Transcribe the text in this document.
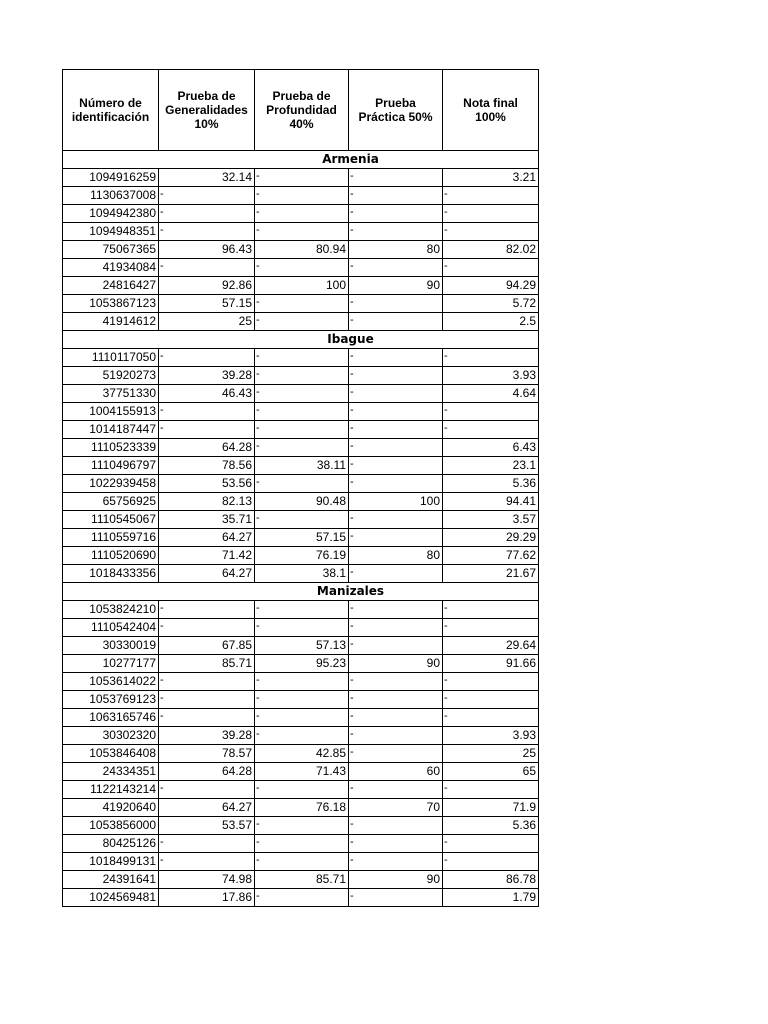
Número de
identificación	Prueba de
Generalidades
10%	Prueba de
Profundidad
40%	Prueba
Práctica 50%	Nota final
100%
Armenia				
1094916259	32.14	-	-	3.21
1130637008	-	-	-	-

1094942380	-	-	-	-

1094948351	-	-	-	-

75067365	96.43	80.94	80	82.02
41934084	-	-	-	-

24816427	92.86	100	90	94.29
1053867123	57.15	-	-	5.72
41914612	25	-	-	2.5
Ibague				
1110117050	-	-	-	-

51920273	39.28	-	-	3.93
37751330	46.43	-	-	4.64
1004155913	-	-	-	-

1014187447	-	-	-	-

1110523339	64.28	-	-	6.43
1110496797	78.56	38.11	-	23.1
1022939458	53.56	-	-	5.36
65756925	82.13	90.48	100	94.41
1110545067	35.71	-	-	3.57
1110559716	64.27	57.15	-	29.29
1110520690	71.42	76.19	80	77.62
1018433356	64.27	38.1	-	21.67
Manizales				
1053824210	-	-	-	-

1110542404	-	-	-	-

30330019	67.85	57.13	-	29.64
10277177	85.71	95.23	90	91.66
1053614022	-	-	-	-

1053769123	-	-	-	-

1063165746	-	-	-	-

30302320	39.28	-	-	3.93
1053846408	78.57	42.85	-	25
24334351	64.28	71.43	60	65
1122143214	-	-	-	-

41920640	64.27	76.18	70	71.9
1053856000	53.57	-	-	5.36
80425126	-	-	-	-

1018499131	-	-	-	-

24391641	74.98	85.71	90	86.78
1024569481	17.86	-	-	1.79
